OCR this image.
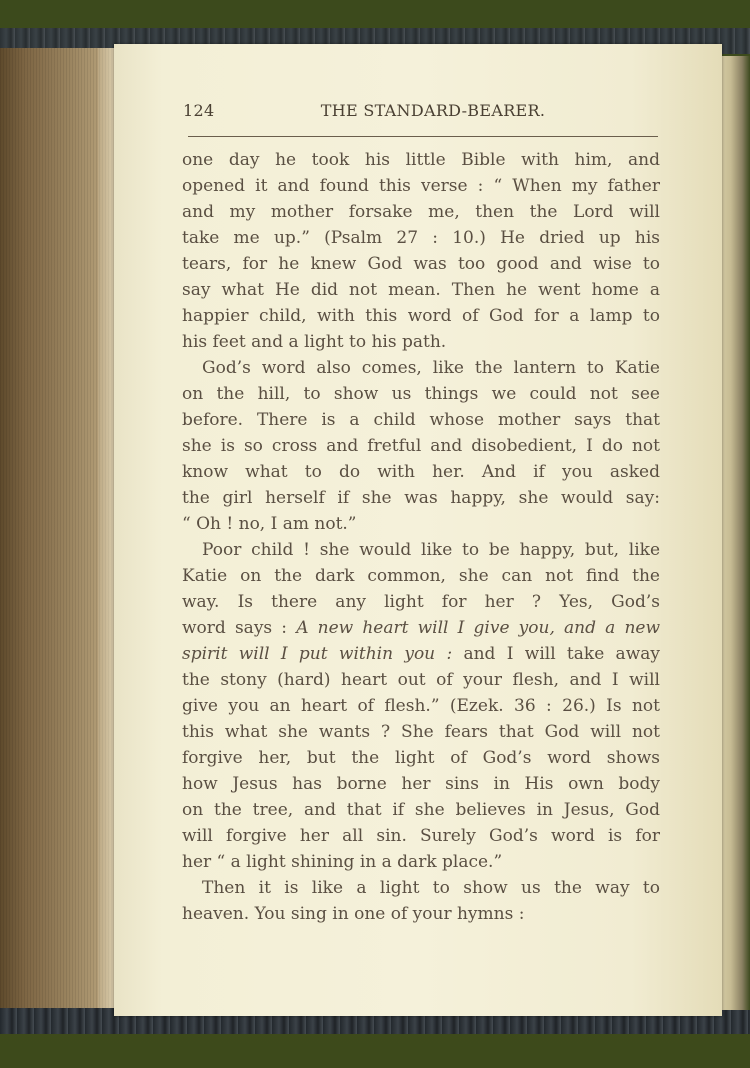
124	THE STANDARD-BEARER.
one day he took his little Bible with him, and
opened it and found this verse : “ When my father
and my mother forsake me, then the Lord will
take me up.” (Psalm 27 : 10.) He dried up his
tears, for he knew God was too good and wise to
say what He did not mean. Then he went home a
happier child, with this word of God for a lamp to
his feet and a light to his path.
God’s word also comes, like the lantern to Katie
on the hill, to show us things we could not see
before. There is a child whose mother says that
she is so cross and fretful and disobedient, I do not
know what to do with her. And if you asked
the girl herself if she was happy, she would say:
“ Oh ! no, I am not.”
Poor child ! she would like to be happy, but, like
Katie on the dark common, she can not find the
way. Is there any light for her ? Yes, God’s
word says : A new heart will I give you, and a new
spirit will I put within you : and I will take away
the stony (hard) heart out of your flesh, and I will
give you an heart of flesh.” (Ezek. 36 : 26.) Is not
this what she wants ? She fears that God will not
forgive her, but the light of God’s word shows
how Jesus has borne her sins in His own body
on the tree, and that if she believes in Jesus, God
will forgive her all sin. Surely God’s word is for
her “ a light shining in a dark place.”
Then it is like a light to show us the way to
heaven. You sing in one of your hymns :
